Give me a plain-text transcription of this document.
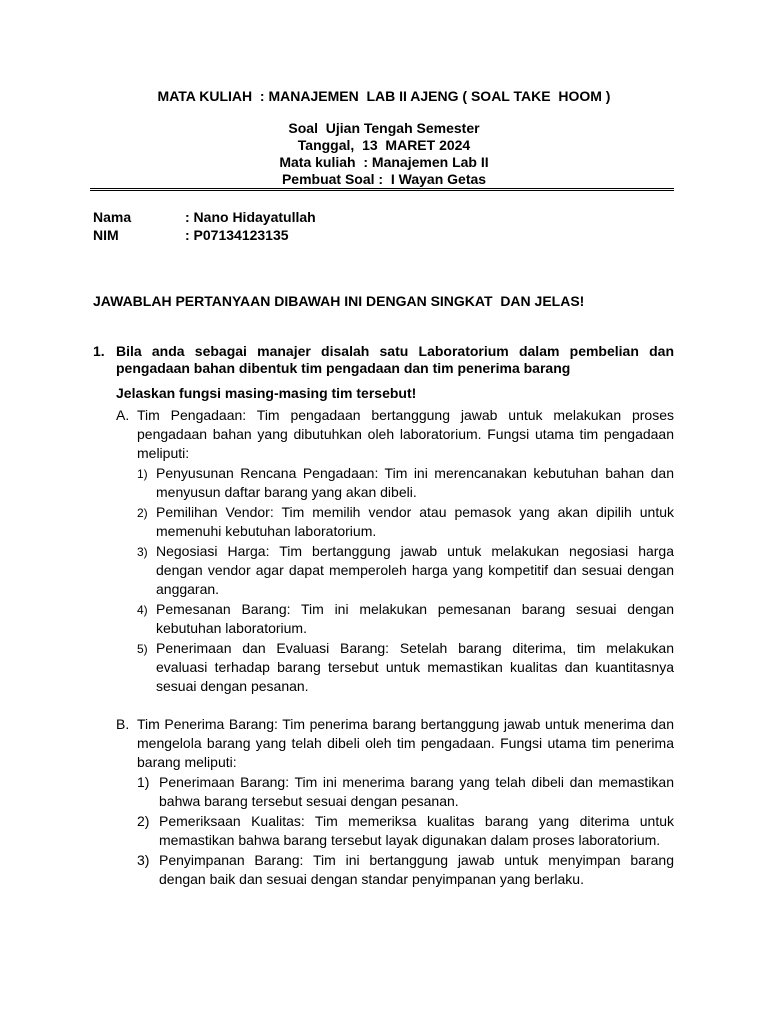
MATA KULIAH  : MANAJEMEN  LAB II AJENG ( SOAL TAKE  HOOM )
Soal  Ujian Tengah Semester
Tanggal,  13  MARET 2024
Mata kuliah  : Manajemen Lab II
Pembuat Soal :  I Wayan Getas
Nama	: Nano Hidayatullah
NIM	: P07134123135
JAWABLAH PERTANYAAN DIBAWAH INI DENGAN SINGKAT  DAN JELAS!
1. Bila anda sebagai manajer disalah satu Laboratorium dalam pembelian dan pengadaan bahan dibentuk tim pengadaan dan tim penerima barang
Jelaskan fungsi masing-masing tim tersebut!
A. Tim Pengadaan: Tim pengadaan bertanggung jawab untuk melakukan proses pengadaan bahan yang dibutuhkan oleh laboratorium. Fungsi utama tim pengadaan meliputi:
1) Penyusunan Rencana Pengadaan: Tim ini merencanakan kebutuhan bahan dan menyusun daftar barang yang akan dibeli.
2) Pemilihan Vendor: Tim memilih vendor atau pemasok yang akan dipilih untuk memenuhi kebutuhan laboratorium.
3) Negosiasi Harga: Tim bertanggung jawab untuk melakukan negosiasi harga dengan vendor agar dapat memperoleh harga yang kompetitif dan sesuai dengan anggaran.
4) Pemesanan Barang: Tim ini melakukan pemesanan barang sesuai dengan kebutuhan laboratorium.
5) Penerimaan dan Evaluasi Barang: Setelah barang diterima, tim melakukan evaluasi terhadap barang tersebut untuk memastikan kualitas dan kuantitasnya sesuai dengan pesanan.
B. Tim Penerima Barang: Tim penerima barang bertanggung jawab untuk menerima dan mengelola barang yang telah dibeli oleh tim pengadaan. Fungsi utama tim penerima barang meliputi:
1) Penerimaan Barang: Tim ini menerima barang yang telah dibeli dan memastikan bahwa barang tersebut sesuai dengan pesanan.
2) Pemeriksaan Kualitas: Tim memeriksa kualitas barang yang diterima untuk memastikan bahwa barang tersebut layak digunakan dalam proses laboratorium.
3) Penyimpanan Barang: Tim ini bertanggung jawab untuk menyimpan barang dengan baik dan sesuai dengan standar penyimpanan yang berlaku.
